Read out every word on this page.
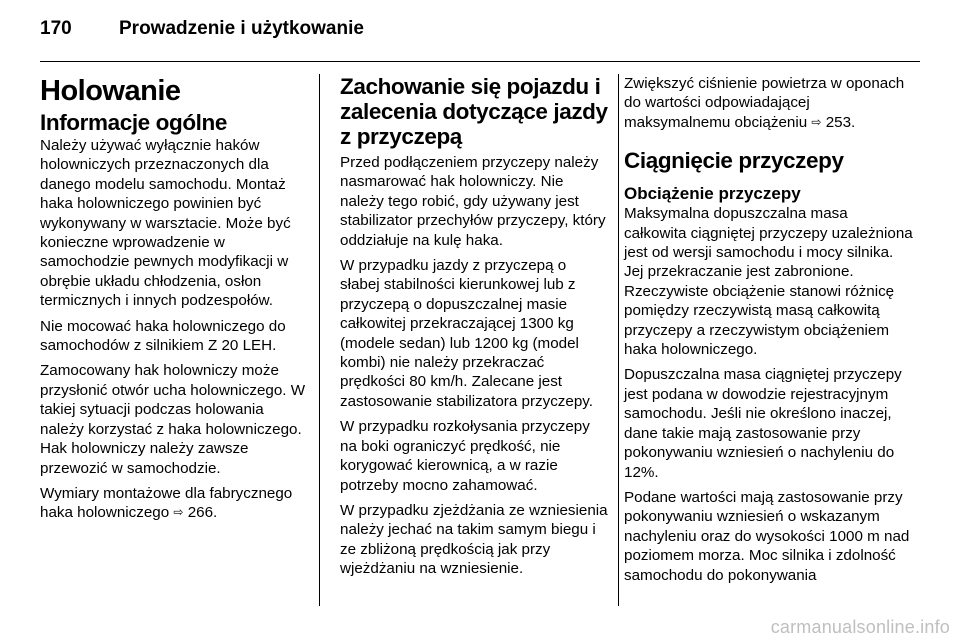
170 Prowadzenie i użytkowanie
Holowanie
Informacje ogólne
Należy używać wyłącznie haków holowniczych przeznaczonych dla danego modelu samochodu. Montaż haka holowniczego powinien być wykonywany w warsztacie. Może być konieczne wprowadzenie w samochodzie pewnych modyfikacji w obrębie układu chłodzenia, osłon termicznych i innych podzespołów.
Nie mocować haka holowniczego do samochodów z silnikiem Z 20 LEH.
Zamocowany hak holowniczy może przysłonić otwór ucha holowniczego. W takiej sytuacji podczas holowania należy korzystać z haka holowniczego. Hak holowniczy należy zawsze przewozić w samochodzie.
Wymiary montażowe dla fabrycznego haka holowniczego ⇨ 266.
Zachowanie się pojazdu i zalecenia dotyczące jazdy z przyczepą
Przed podłączeniem przyczepy należy nasmarować hak holowniczy. Nie należy tego robić, gdy używany jest stabilizator przechyłów przyczepy, który oddziałuje na kulę haka.
W przypadku jazdy z przyczepą o słabej stabilności kierunkowej lub z przyczepą o dopuszczalnej masie całkowitej przekraczającej 1300 kg (modele sedan) lub 1200 kg (model kombi) nie należy przekraczać prędkości 80 km/h. Zalecane jest zastosowanie stabilizatora przyczepy.
W przypadku rozkołysania przyczepy na boki ograniczyć prędkość, nie korygować kierownicą, a w razie potrzeby mocno zahamować.
W przypadku zjeżdżania ze wzniesienia należy jechać na takim samym biegu i ze zbliżoną prędkością jak przy wjeżdżaniu na wzniesienie.
Zwiększyć ciśnienie powietrza w oponach do wartości odpowiadającej maksymalnemu obciążeniu ⇨ 253.
Ciągnięcie przyczepy
Obciążenie przyczepy
Maksymalna dopuszczalna masa całkowita ciągniętej przyczepy uzależniona jest od wersji samochodu i mocy silnika. Jej przekraczanie jest zabronione. Rzeczywiste obciążenie stanowi różnicę pomiędzy rzeczywistą masą całkowitą przyczepy a rzeczywistym obciążeniem haka holowniczego.
Dopuszczalna masa ciągniętej przyczepy jest podana w dowodzie rejestracyjnym samochodu. Jeśli nie określono inaczej, dane takie mają zastosowanie przy pokonywaniu wzniesień o nachyleniu do 12%.
Podane wartości mają zastosowanie przy pokonywaniu wzniesień o wskazanym nachyleniu oraz do wysokości 1000 m nad poziomem morza. Moc silnika i zdolność samochodu do pokonywania
carmanualsonline.info
